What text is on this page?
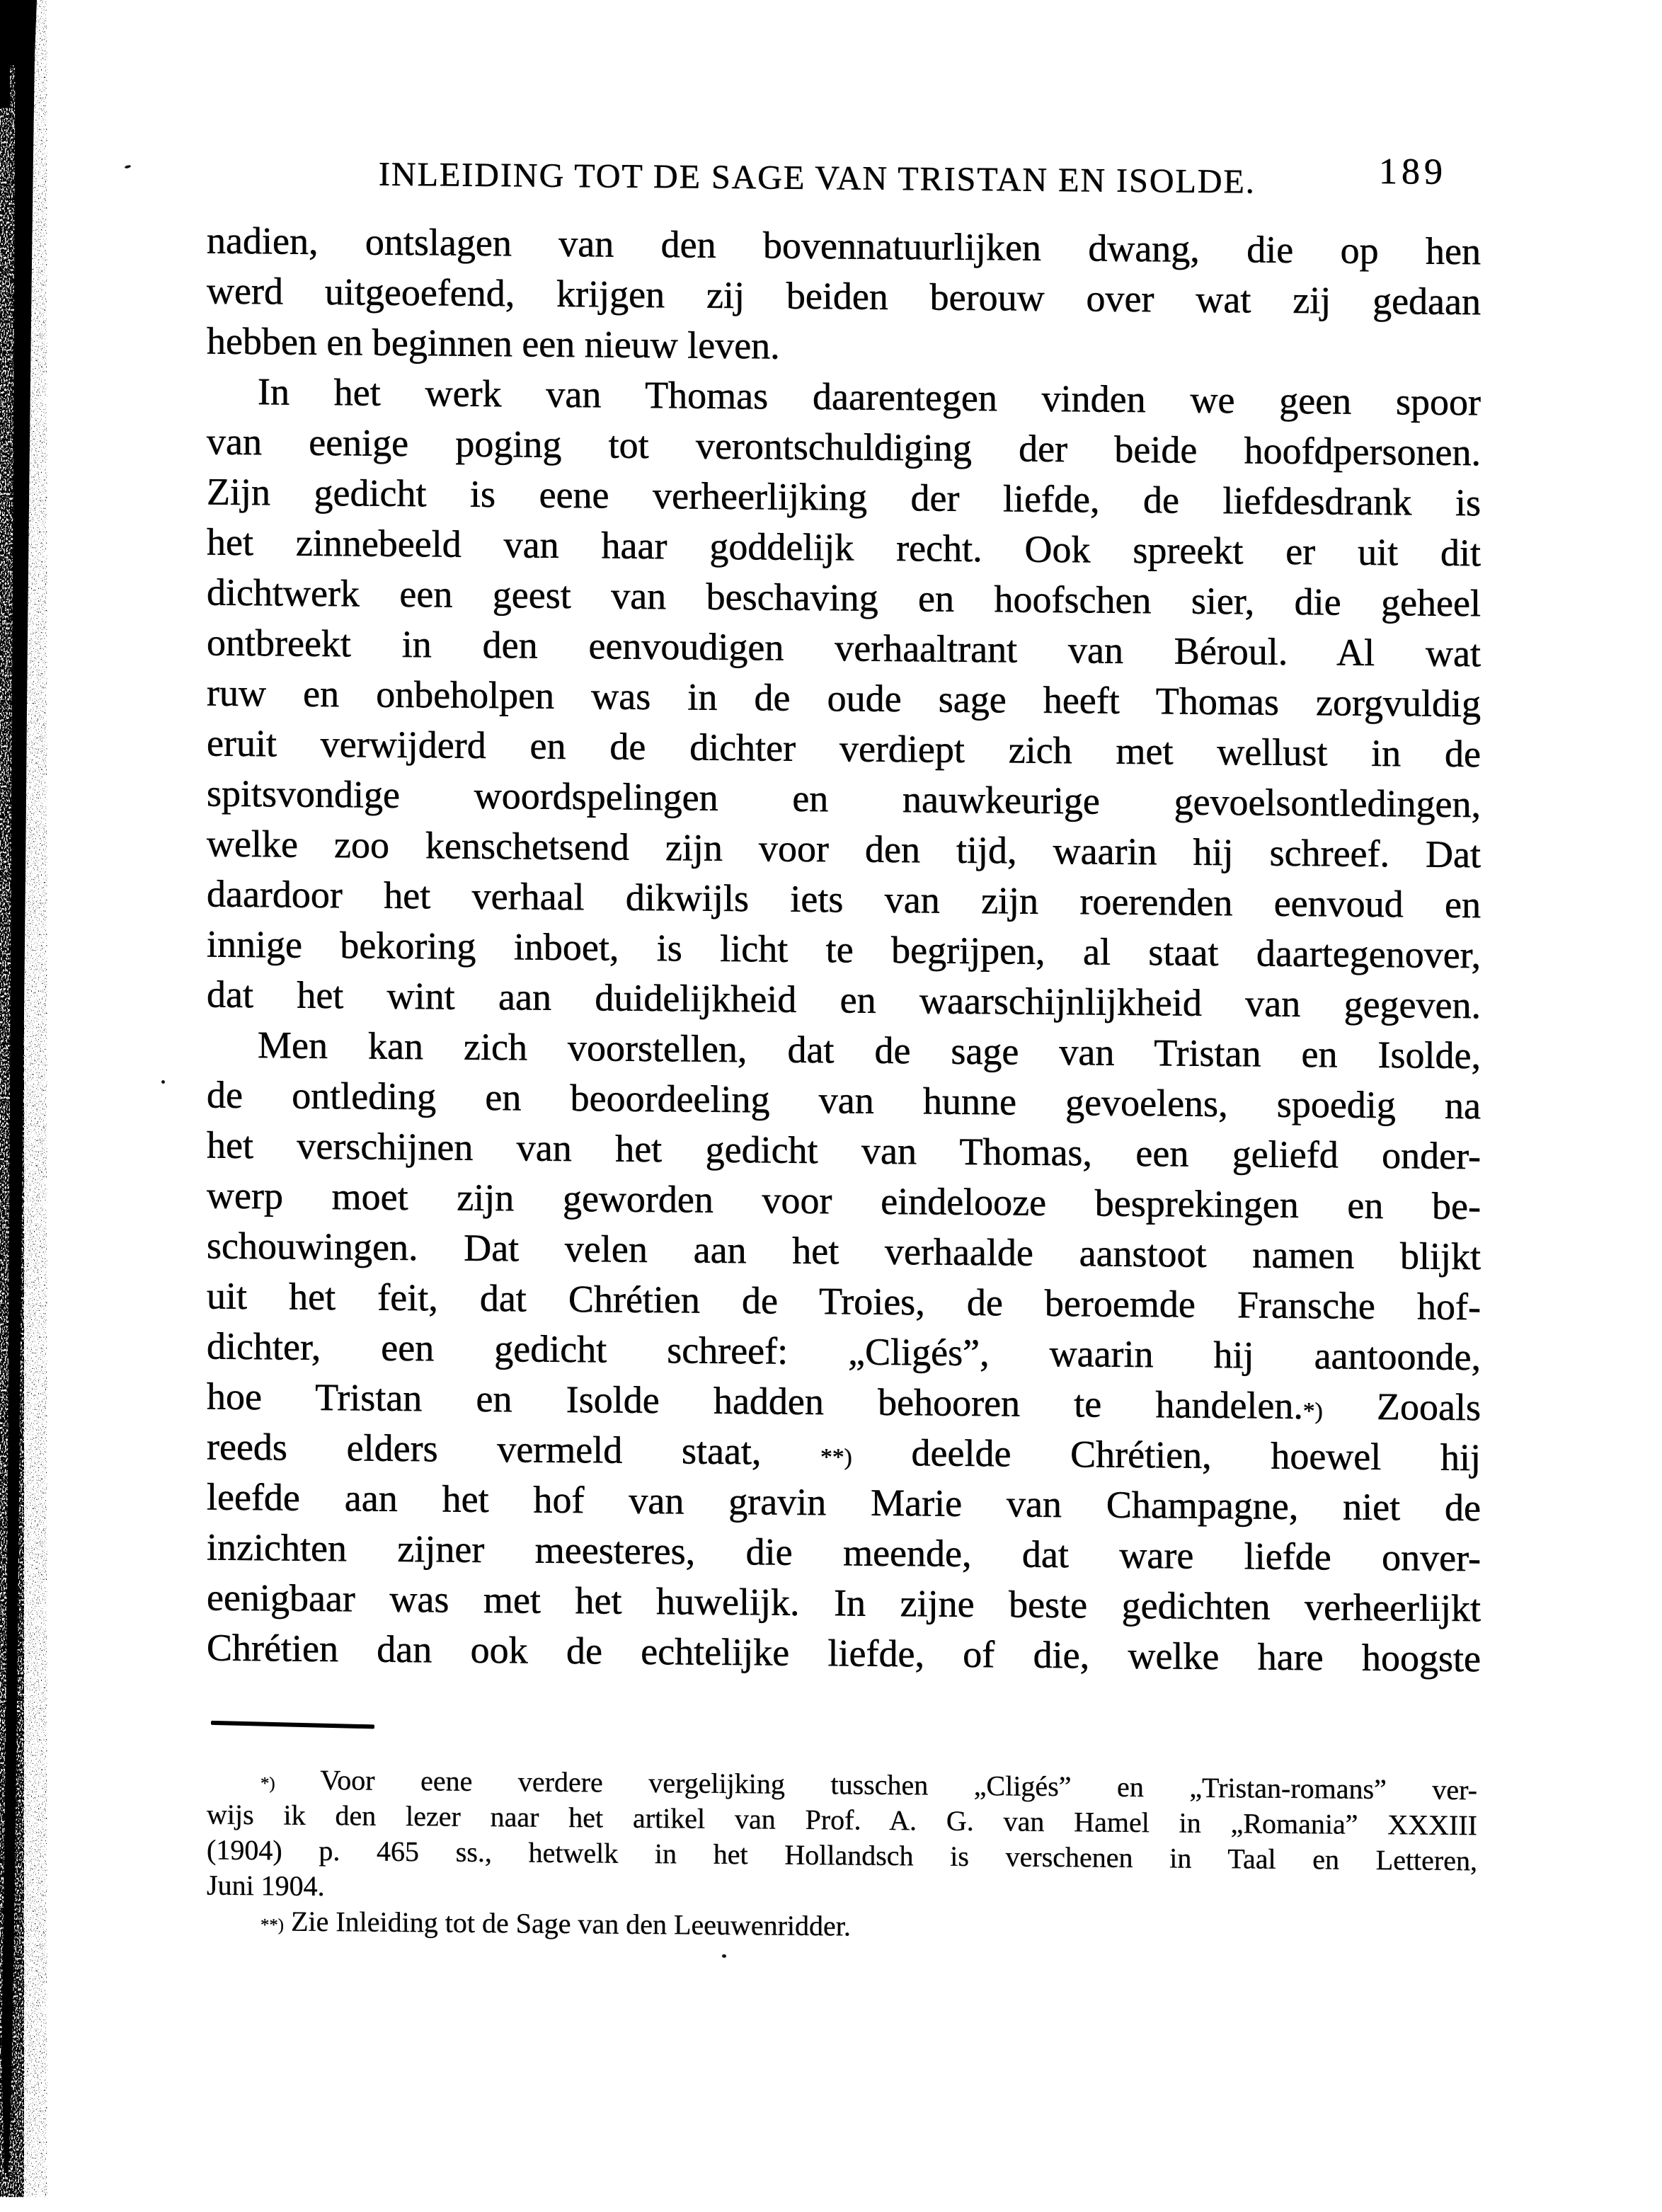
INLEIDING TOT DE SAGE VAN TRISTAN EN ISOLDE.	189
nadien, ontslagen van den bovennatuurlijken dwang, die op hen
werd uitgeoefend, krijgen zij beiden berouw over wat zij gedaan
hebben en beginnen een nieuw leven.
In het werk van Thomas daarentegen vinden we geen spoor
van eenige poging tot verontschuldiging der beide hoofdpersonen.
Zijn gedicht is eene verheerlijking der liefde, de liefdesdrank is
het zinnebeeld van haar goddelijk recht. Ook spreekt er uit dit
dichtwerk een geest van beschaving en hoofschen sier, die geheel
ontbreekt in den eenvoudigen verhaaltrant van Béroul. Al wat
ruw en onbeholpen was in de oude sage heeft Thomas zorgvuldig
eruit verwijderd en de dichter verdiept zich met wellust in de
spitsvondige woordspelingen en nauwkeurige gevoelsontledingen,
welke zoo kenschetsend zijn voor den tijd, waarin hij schreef. Dat
daardoor het verhaal dikwijls iets van zijn roerenden eenvoud en
innige bekoring inboet, is licht te begrijpen, al staat daartegenover,
dat het wint aan duidelijkheid en waarschijnlijkheid van gegeven.
Men kan zich voorstellen, dat de sage van Tristan en Isolde,
de ontleding en beoordeeling van hunne gevoelens, spoedig na
het verschijnen van het gedicht van Thomas, een geliefd onder-
werp moet zijn geworden voor eindelooze besprekingen en be-
schouwingen. Dat velen aan het verhaalde aanstoot namen blijkt
uit het feit, dat Chrétien de Troies, de beroemde Fransche hof-
dichter, een gedicht schreef: „Cligés”, waarin hij aantoonde,
hoe Tristan en Isolde hadden behooren te handelen.*) Zooals
reeds elders vermeld staat, **) deelde Chrétien, hoewel hij
leefde aan het hof van gravin Marie van Champagne, niet de
inzichten zijner meesteres, die meende, dat ware liefde onver-
eenigbaar was met het huwelijk. In zijne beste gedichten verheerlijkt
Chrétien dan ook de echtelijke liefde, of die, welke hare hoogste
*) Voor eene verdere vergelijking tusschen „Cligés” en „Tristan-romans” ver-
wijs ik den lezer naar het artikel van Prof. A. G. van Hamel in „Romania” XXXIII
(1904) p. 465 ss., hetwelk in het Hollandsch is verschenen in Taal en Letteren,
Juni 1904.
**) Zie Inleiding tot de Sage van den Leeuwenridder.
